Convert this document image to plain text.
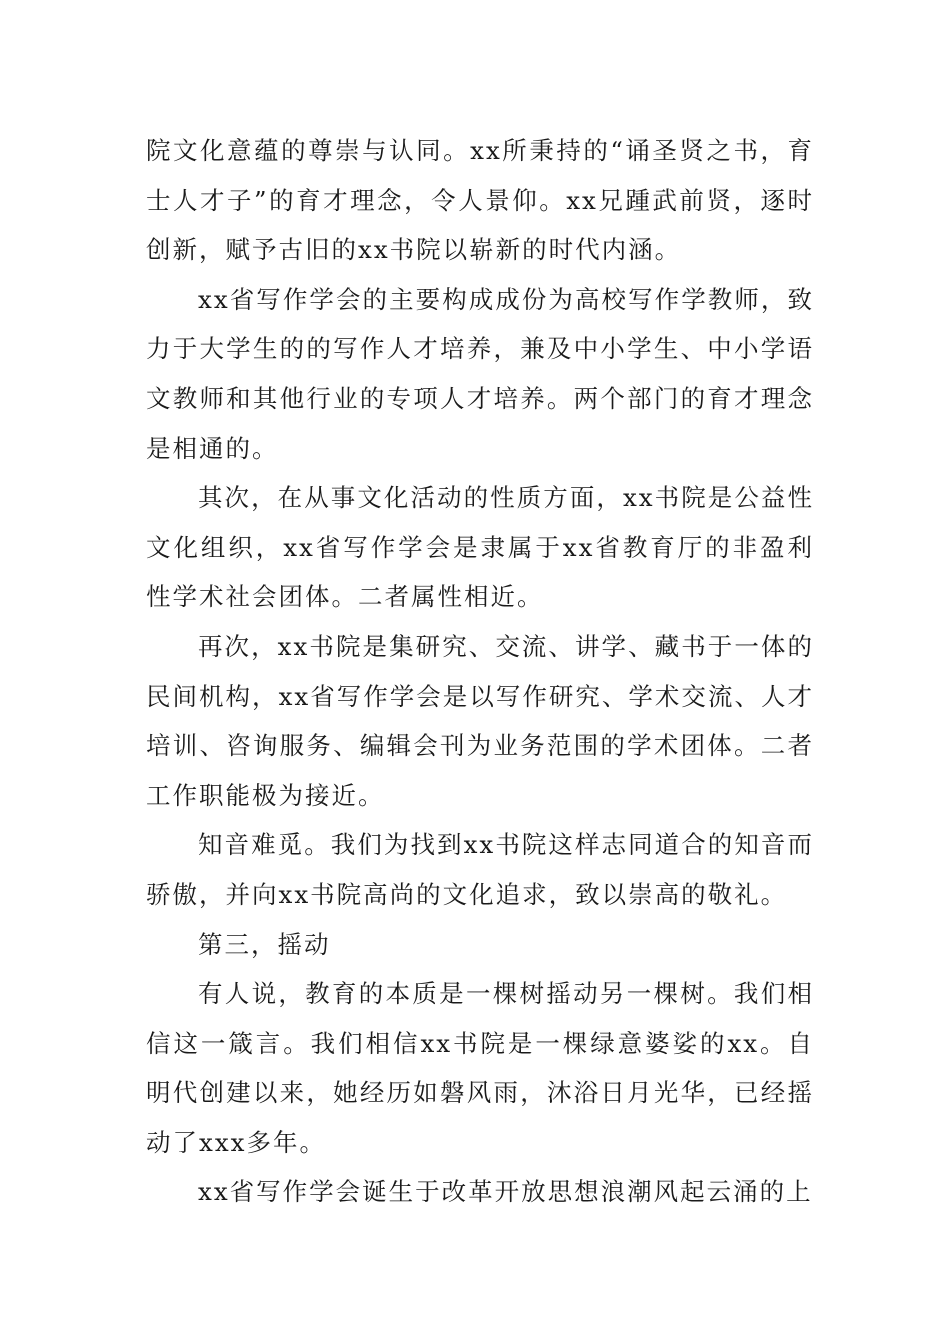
院文化意蕴的尊崇与认同。xx所秉持的“诵圣贤之书，育士人才子”的育才理念，令人景仰。xx兄踵武前贤，逐时创新，赋予古旧的xx书院以崭新的时代内涵。

xx省写作学会的主要构成成份为高校写作学教师，致力于大学生的的写作人才培养，兼及中小学生、中小学语文教师和其他行业的专项人才培养。两个部门的育才理念是相通的。

其次，在从事文化活动的性质方面，xx书院是公益性文化组织，xx省写作学会是隶属于xx省教育厅的非盈利性学术社会团体。二者属性相近。

再次，xx书院是集研究、交流、讲学、藏书于一体的民间机构，xx省写作学会是以写作研究、学术交流、人才培训、咨询服务、编辑会刊为业务范围的学术团体。二者工作职能极为接近。

知音难觅。我们为找到xx书院这样志同道合的知音而骄傲，并向xx书院高尚的文化追求，致以崇高的敬礼。

第三，摇动

有人说，教育的本质是一棵树摇动另一棵树。我们相信这一箴言。我们相信xx书院是一棵绿意婆娑的xx。自明代创建以来，她经历如磐风雨，沐浴日月光华，已经摇动了xxx多年。

xx省写作学会诞生于改革开放思想浪潮风起云涌的上
